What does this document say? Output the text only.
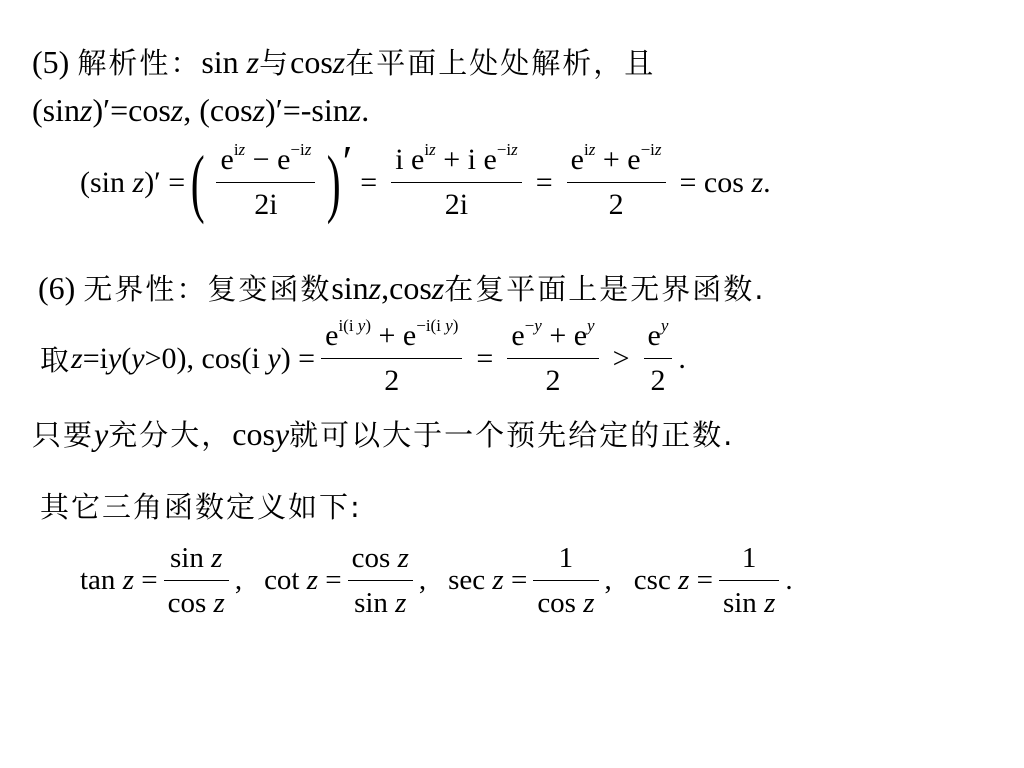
(5) 解析性：sin z与cosz在平面上处处解析，且
(sinz)′=cosz, (cosz)′=-sinz.
(sin z)′ = ( $\frac{e^{iz} - e^{-iz}}{2i}$ ) ′ = $\frac{i e^{iz} + i e^{-iz}}{2i} = \frac{e^{iz} + e^{-iz}}{2} = \cos z$.
(6) 无界性：复变函数sinz,cosz在复平面上是无界函数.
取 z=iy(y>0), cos(i $y) = \frac{e^{i(i y)} + e^{-i(i y)}}{2} = \frac{e^{-y} + e^y}{2} > \frac{e^y}{2}$ .
只要y充分大，cosy就可以大于一个预先给定的正数.
其它三角函数定义如下:
$\tan z = \frac{\text{sin z}}{\text{cos z}}$ , $\cot z = \frac{\text{cos z}}{\text{sin z}}$ , $\sec z = \frac{1}{\text{cos z}}$ , $\csc z = \frac{1}{\text{sin z}}$ .
